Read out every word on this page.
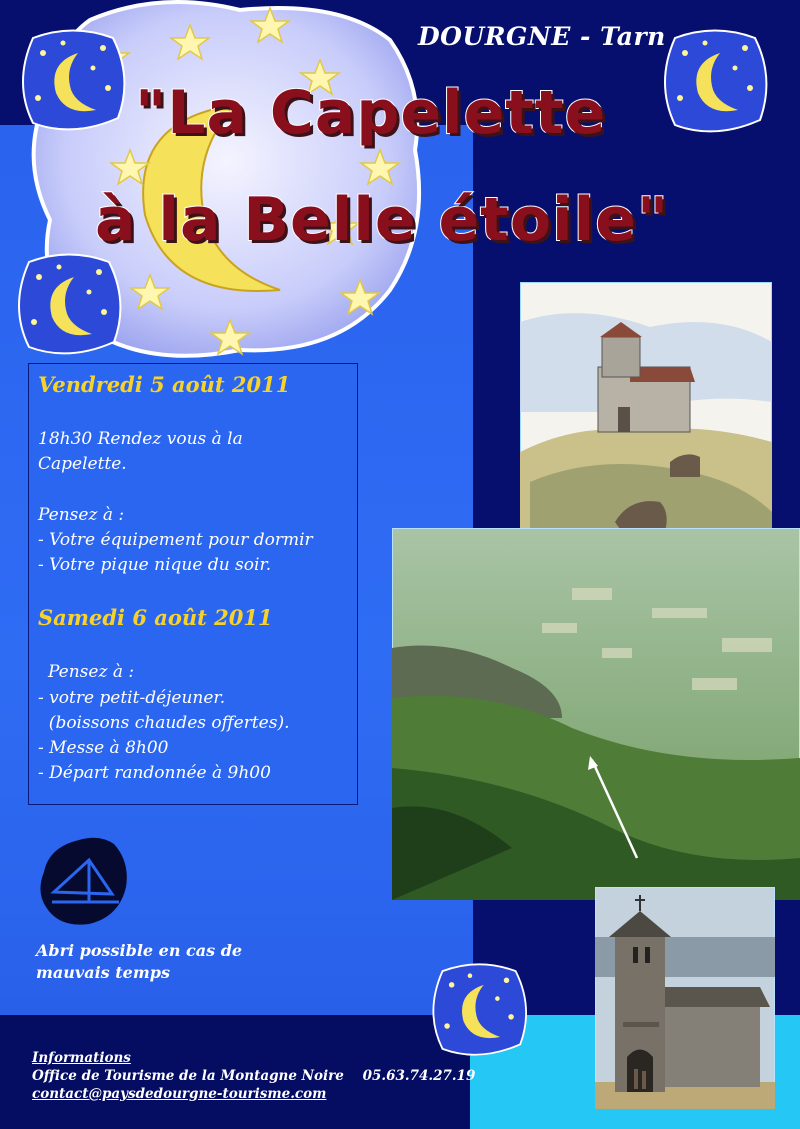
DOURGNE - Tarn
"La Capelette
à la Belle étoile"
Vendredi 5 août 2011
18h30 Rendez vous à la
Capelette.
Pensez à :
- Votre équipement pour dormir
- Votre pique nique du soir.
Samedi 6 août 2011
Pensez à :
- votre petit-déjeuner.
(boissons chaudes offertes).
- Messe à 8h00
- Départ randonnée à 9h00
Abri possible en cas de
mauvais temps
Informations
Office de Tourisme de la Montagne Noire 05.63.74.27.19
contact@paysdedourgne-tourisme.com
